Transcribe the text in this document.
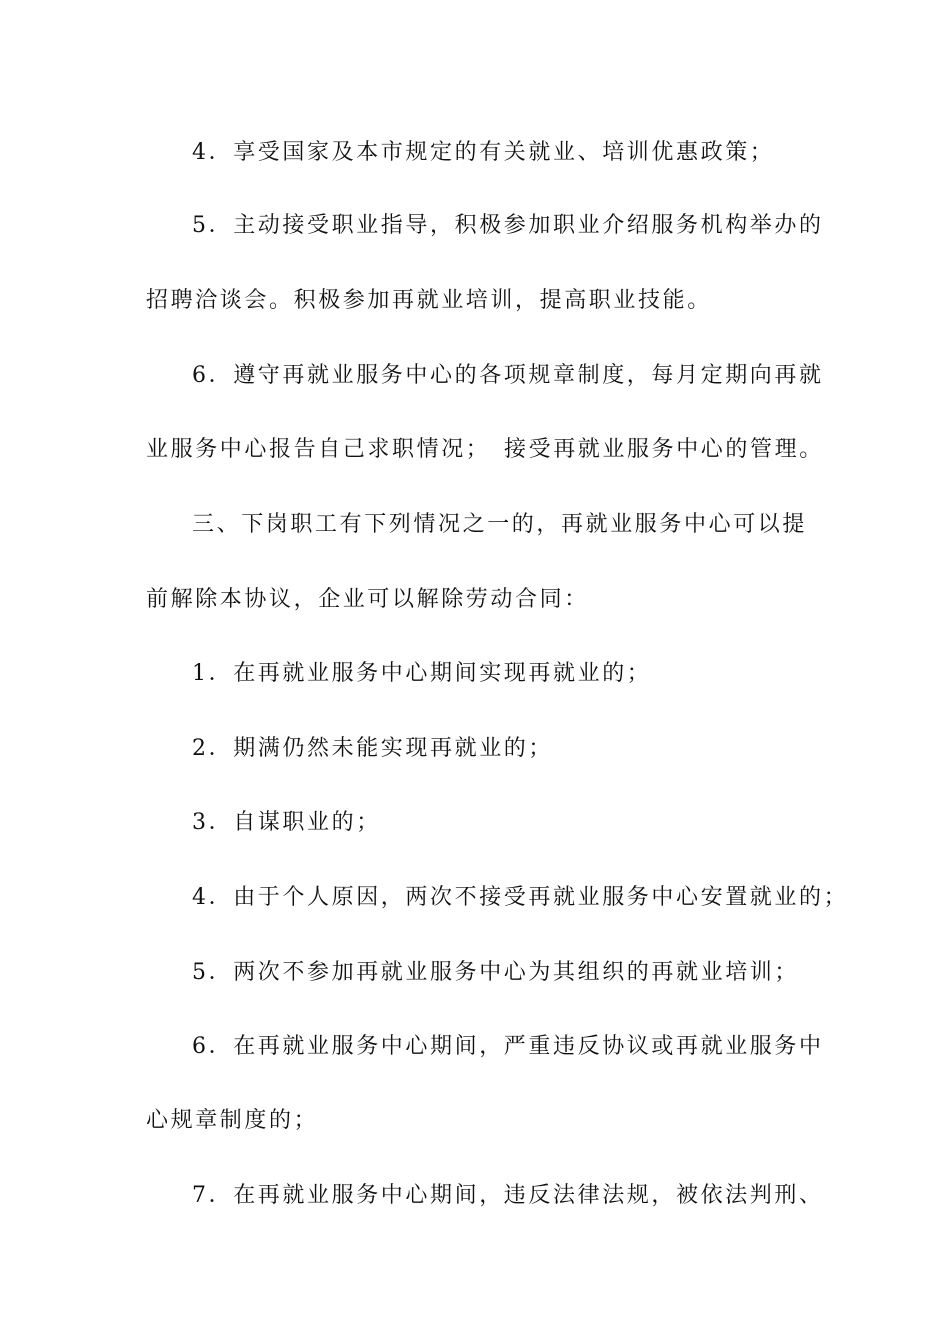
4．享受国家及本市规定的有关就业、培训优惠政策；
5．主动接受职业指导，积极参加职业介绍服务机构举办的
招聘洽谈会。积极参加再就业培训，提高职业技能。
6．遵守再就业服务中心的各项规章制度，每月定期向再就
业服务中心报告自己求职情况；　接受再就业服务中心的管理。
三、下岗职工有下列情况之一的，再就业服务中心可以提
前解除本协议，企业可以解除劳动合同：
1．在再就业服务中心期间实现再就业的；
2．期满仍然未能实现再就业的；
3．自谋职业的；
4．由于个人原因，两次不接受再就业服务中心安置就业的；
5．两次不参加再就业服务中心为其组织的再就业培训；
6．在再就业服务中心期间，严重违反协议或再就业服务中
心规章制度的；
7．在再就业服务中心期间，违反法律法规，被依法判刑、
